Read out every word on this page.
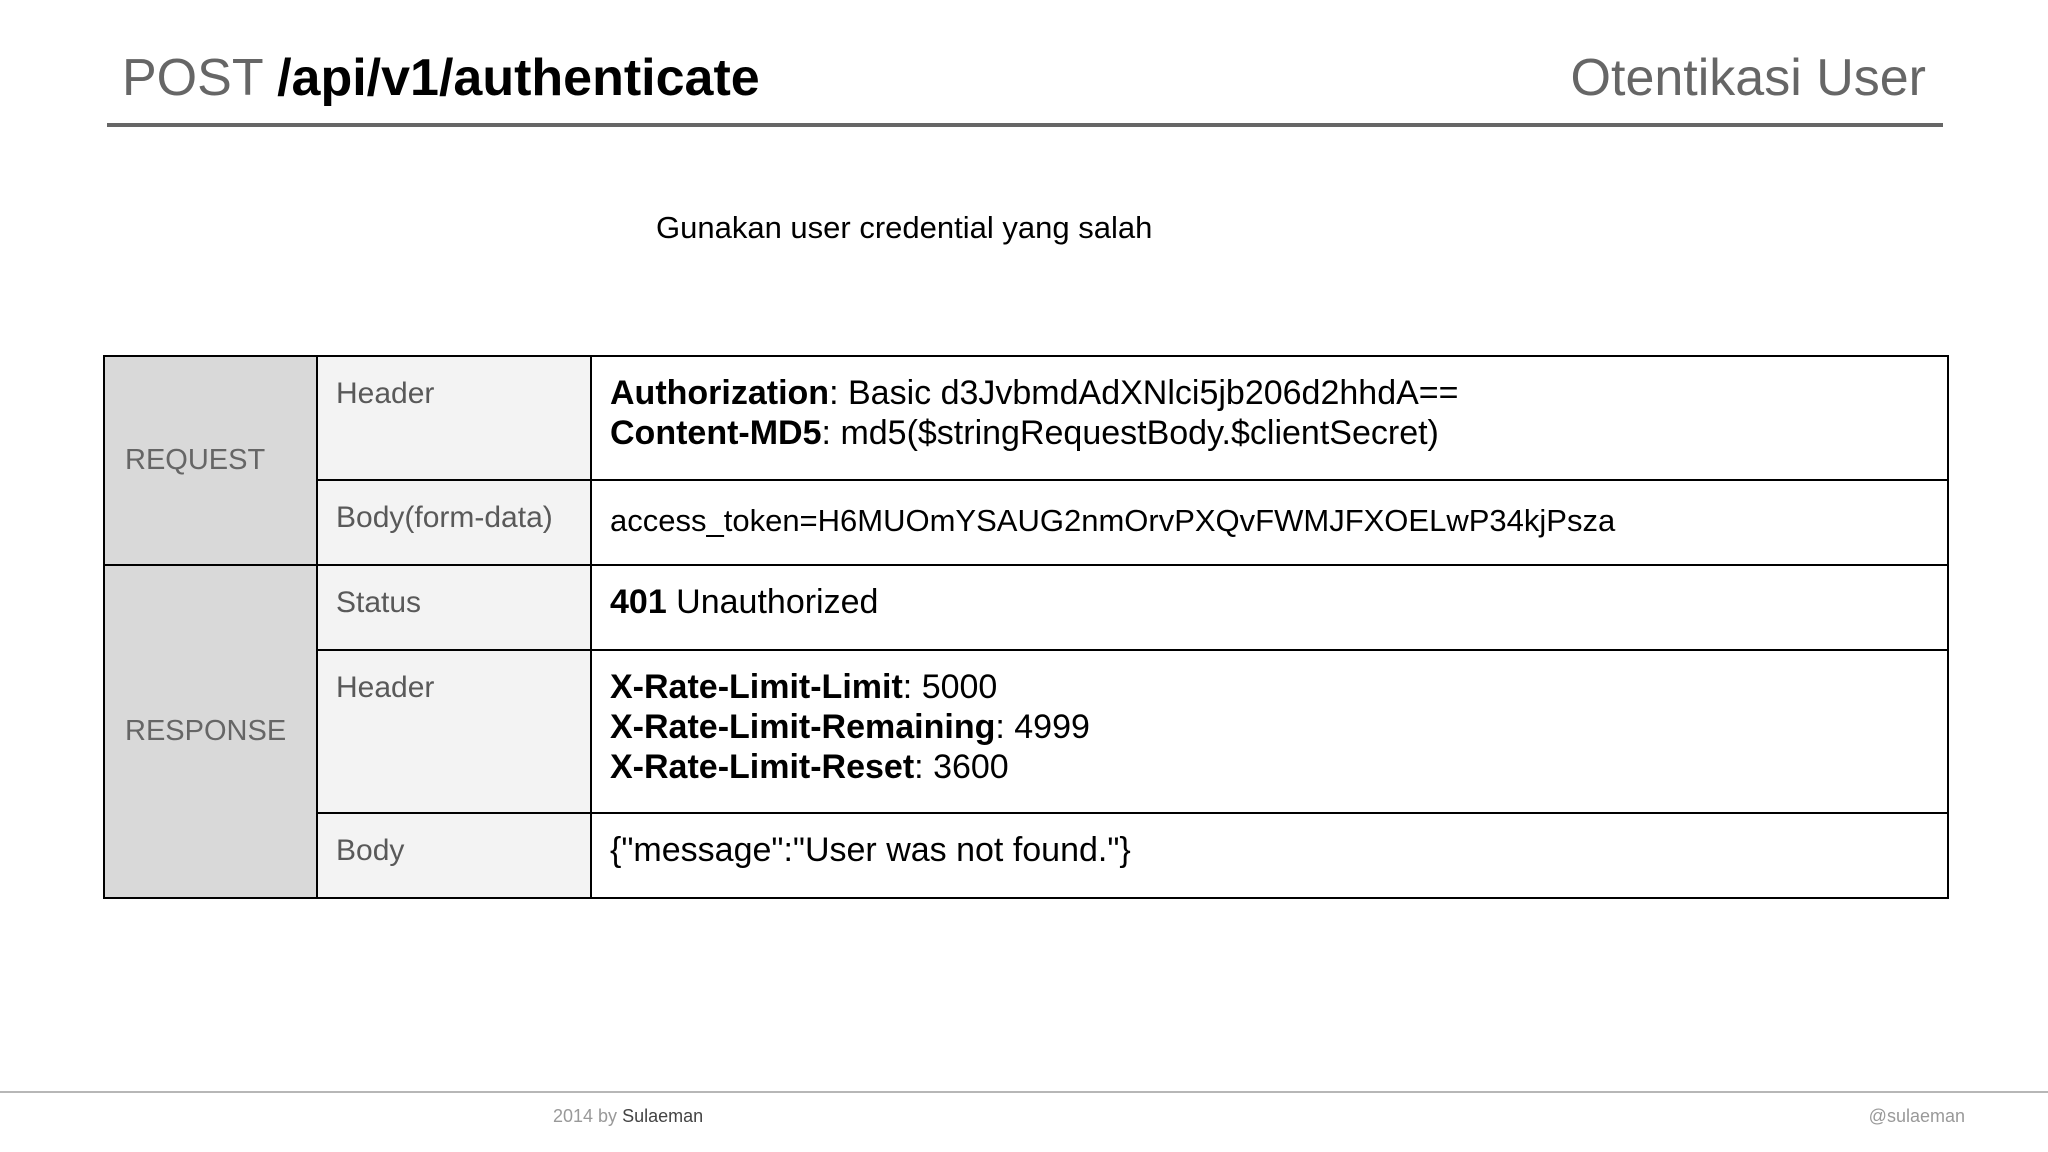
POST /api/v1/authenticate	Otentikasi User
Gunakan user credential yang salah
REQUEST	Header	Authorization: Basic d3JvbmdAdXNlci5jb206d2hhdA==
Content-MD5: md5($stringRequestBody.$clientSecret)

	Body(form-data)	access_token=H6MUOmYSAUG2nmOrvPXQvFWMJFXOELwP34kjPsza
RESPONSE	Status	401 Unauthorized
	Header	X-Rate-Limit-Limit: 5000
X-Rate-Limit-Remaining: 4999
X-Rate-Limit-Reset: 3600

	Body	{"message":"User was not found."}
2014 by Sulaeman	@sulaeman
